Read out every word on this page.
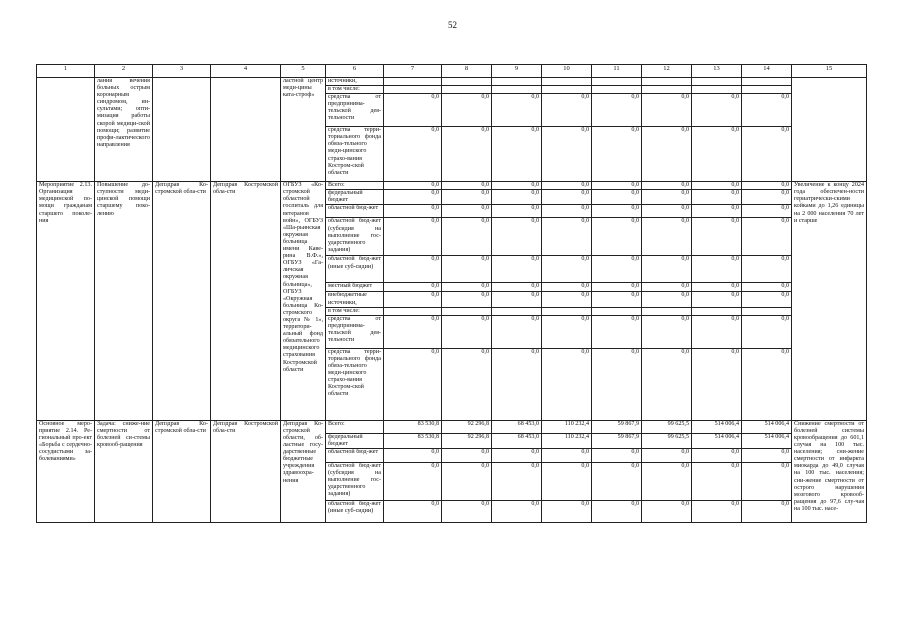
52
1	2	3	4	5	6	7	8	9	10	11	12	13	14	15
	лания вечения больных острым коронарным синдромом, ин-сультами; опти-мизация работы скорой медици-ской помощи; развитие профи-лактического направления			ластной центр меди-цины ката-строф»	источники,									
					в том числе:									
					средства от предпринима-тельской дея-тельности	0,0	0,0	0,0	0,0	0,0	0,0	0,0	0,0	
					средства терри-ториального фонда обяза-тельного меди-цинского страхо-вания Костром-ской области	0,0	0,0	0,0	0,0	0,0	0,0	0,0	0,0	
Мероприятие 2.13. Организация медицинской по-мощи гражданам старшего поколе-ния	Повышение до-ступности меди-цинской помощи старшему поко-лению	Депздрав Ко-стромской обла-сти	Депздрав Костромской обла-сти	ОГБУЗ «Ко-стромской областной госпиталь для ветеранов войн», ОГБУЗ «Ша-рьинская окружная больница имени Каве-рина В.Ф.», ОГБУЗ «Га-личская окружная больница», ОГБУЗ «Окружная больница Ко-стромского округа № 1», территори-альный фонд обязательного медицинского страхования Костромской области	Всего:	0,0	0,0	0,0	0,0	0,0	0,0	0,0	0,0	Увеличение к концу 2024 года обеспечен-ности гериатрически-скими койками до 1,26 единицы на 2 000 населения 70 лет и старше
					федеральный бюджет	0,0	0,0	0,0	0,0	0,0	0,0	0,0	0,0	
					областной бюд-жет	0,0	0,0	0,0	0,0	0,0	0,0	0,0	0,0	
					областной бюд-жет (субсидия на выполнение гос-ударственного задания)	0,0	0,0	0,0	0,0	0,0	0,0	0,0	0,0	
					областной бюд-жет (иные суб-сидии)	0,0	0,0	0,0	0,0	0,0	0,0	0,0	0,0	
					местный бюджет	0,0	0,0	0,0	0,0	0,0	0,0	0,0	0,0	
					внебюджетные источники,	0,0	0,0	0,0	0,0	0,0	0,0	0,0	0,0	
					в том числе:									
					средства от предпринима-тельской дея-тельности	0,0	0,0	0,0	0,0	0,0	0,0	0,0	0,0	
					средства терри-ториального фонда обяза-тельного меди-цинского страхо-вания Костром-ской области	0,0	0,0	0,0	0,0	0,0	0,0	0,0	0,0	
Основное меро-приятие 2.14. Ре-гиональный про-ект «Борьба с сердечно-сосудистыми за-болеваниями»	Задача: сниже-ние смертности от болезней си-стемы кровооб-ращения	Депздрав Ко-стромской обла-сти	Депздрав Костромской обла-сти	Депздрав Ко-стромской области, об-ластные госу-дарственные бюджетные учреждения здравоохра-нения	Всего:	83 530,8	92 296,8	68 453,0	110 232,4	59 867,9	99 625,5	514 006,4	514 006,4	Снижение смертности от болезней системы кровообращения до 601,1 случая на 100 тыс. населения; сни-жение смертности от инфаркта миокарда до 49,0 случая на 100 тыс. населения; сни-жение смертности от острого нарушения мозгового кровооб-ращения до 97,6 слу-чая на 100 тыс. насе-
					федеральный бюджет	83 530,8	92 296,8	68 453,0	110 232,4	59 867,9	99 625,5	514 006,4	514 006,4	
					областной бюд-жет	0,0	0,0	0,0	0,0	0,0	0,0	0,0	0,0	
					областной бюд-жет (субсидия на выполнение гос-ударственного задания)	0,0	0,0	0,0	0,0	0,0	0,0	0,0	0,0	
					областной бюд-жет (иные суб-сидии)	0,0	0,0	0,0	0,0	0,0	0,0	0,0	0,0	
